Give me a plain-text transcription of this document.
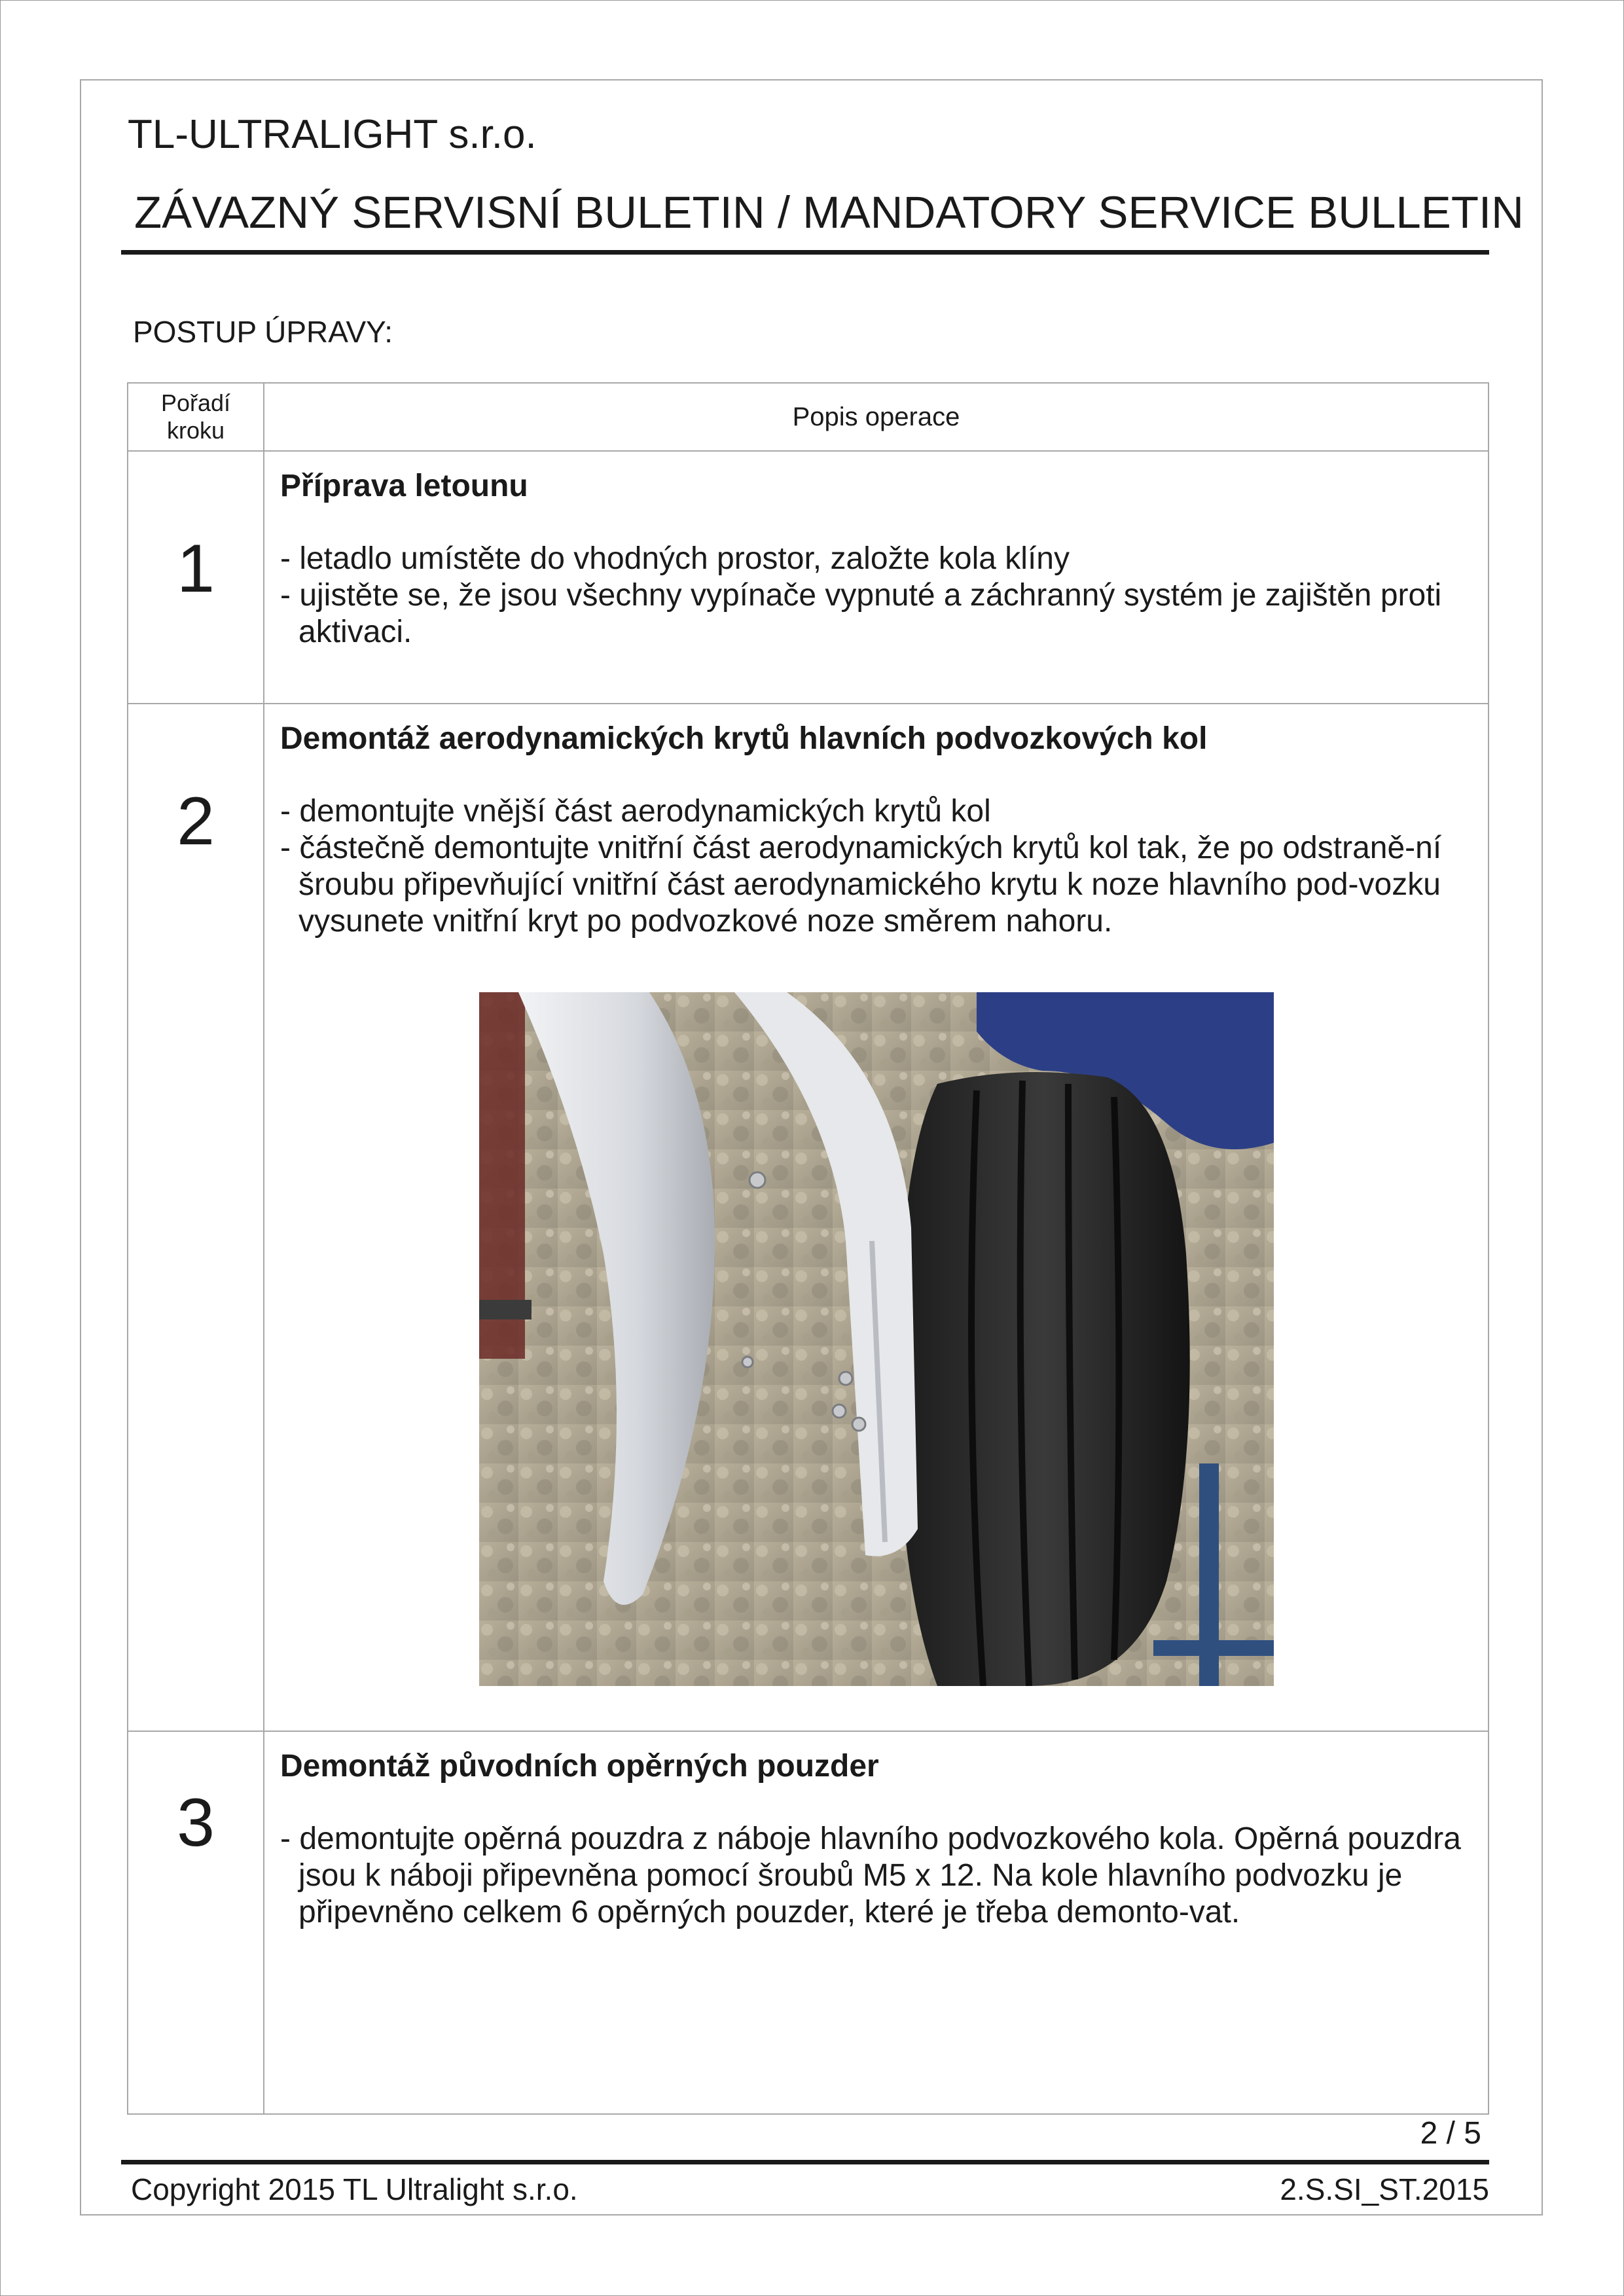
TL-ULTRALIGHT s.r.o.
ZÁVAZNÝ SERVISNÍ BULETIN / MANDATORY SERVICE BULLETIN
POSTUP ÚPRAVY:
Pořadí
kroku	Popis operace
1	Příprava letounu

- letadlo umístěte do vhodných prostor, založte kola klíny

- ujistěte se, že jsou všechny vypínače vypnuté a záchranný systém je zajištěn proti aktivaci.

2	Demontáž aerodynamických krytů hlavních podvozkových kol

- demontujte vnější část aerodynamických krytů kol

- částečně demontujte vnitřní část aerodynamických krytů kol tak, že po odstraně-ní šroubu připevňující vnitřní část aerodynamického krytu k noze hlavního pod-vozku vysunete vnitřní kryt po podvozkové noze směrem nahoru.

3	Demontáž původních opěrných pouzder

- demontujte opěrná pouzdra z náboje hlavního podvozkového kola. Opěrná pouzdra jsou k náboji připevněna pomocí šroubů M5 x 12. Na kole hlavního podvozku je připevněno celkem 6 opěrných pouzder, které je třeba demonto-vat.

2 / 5
Copyright 2015 TL Ultralight s.r.o.	2.S.SI_ST.2015
